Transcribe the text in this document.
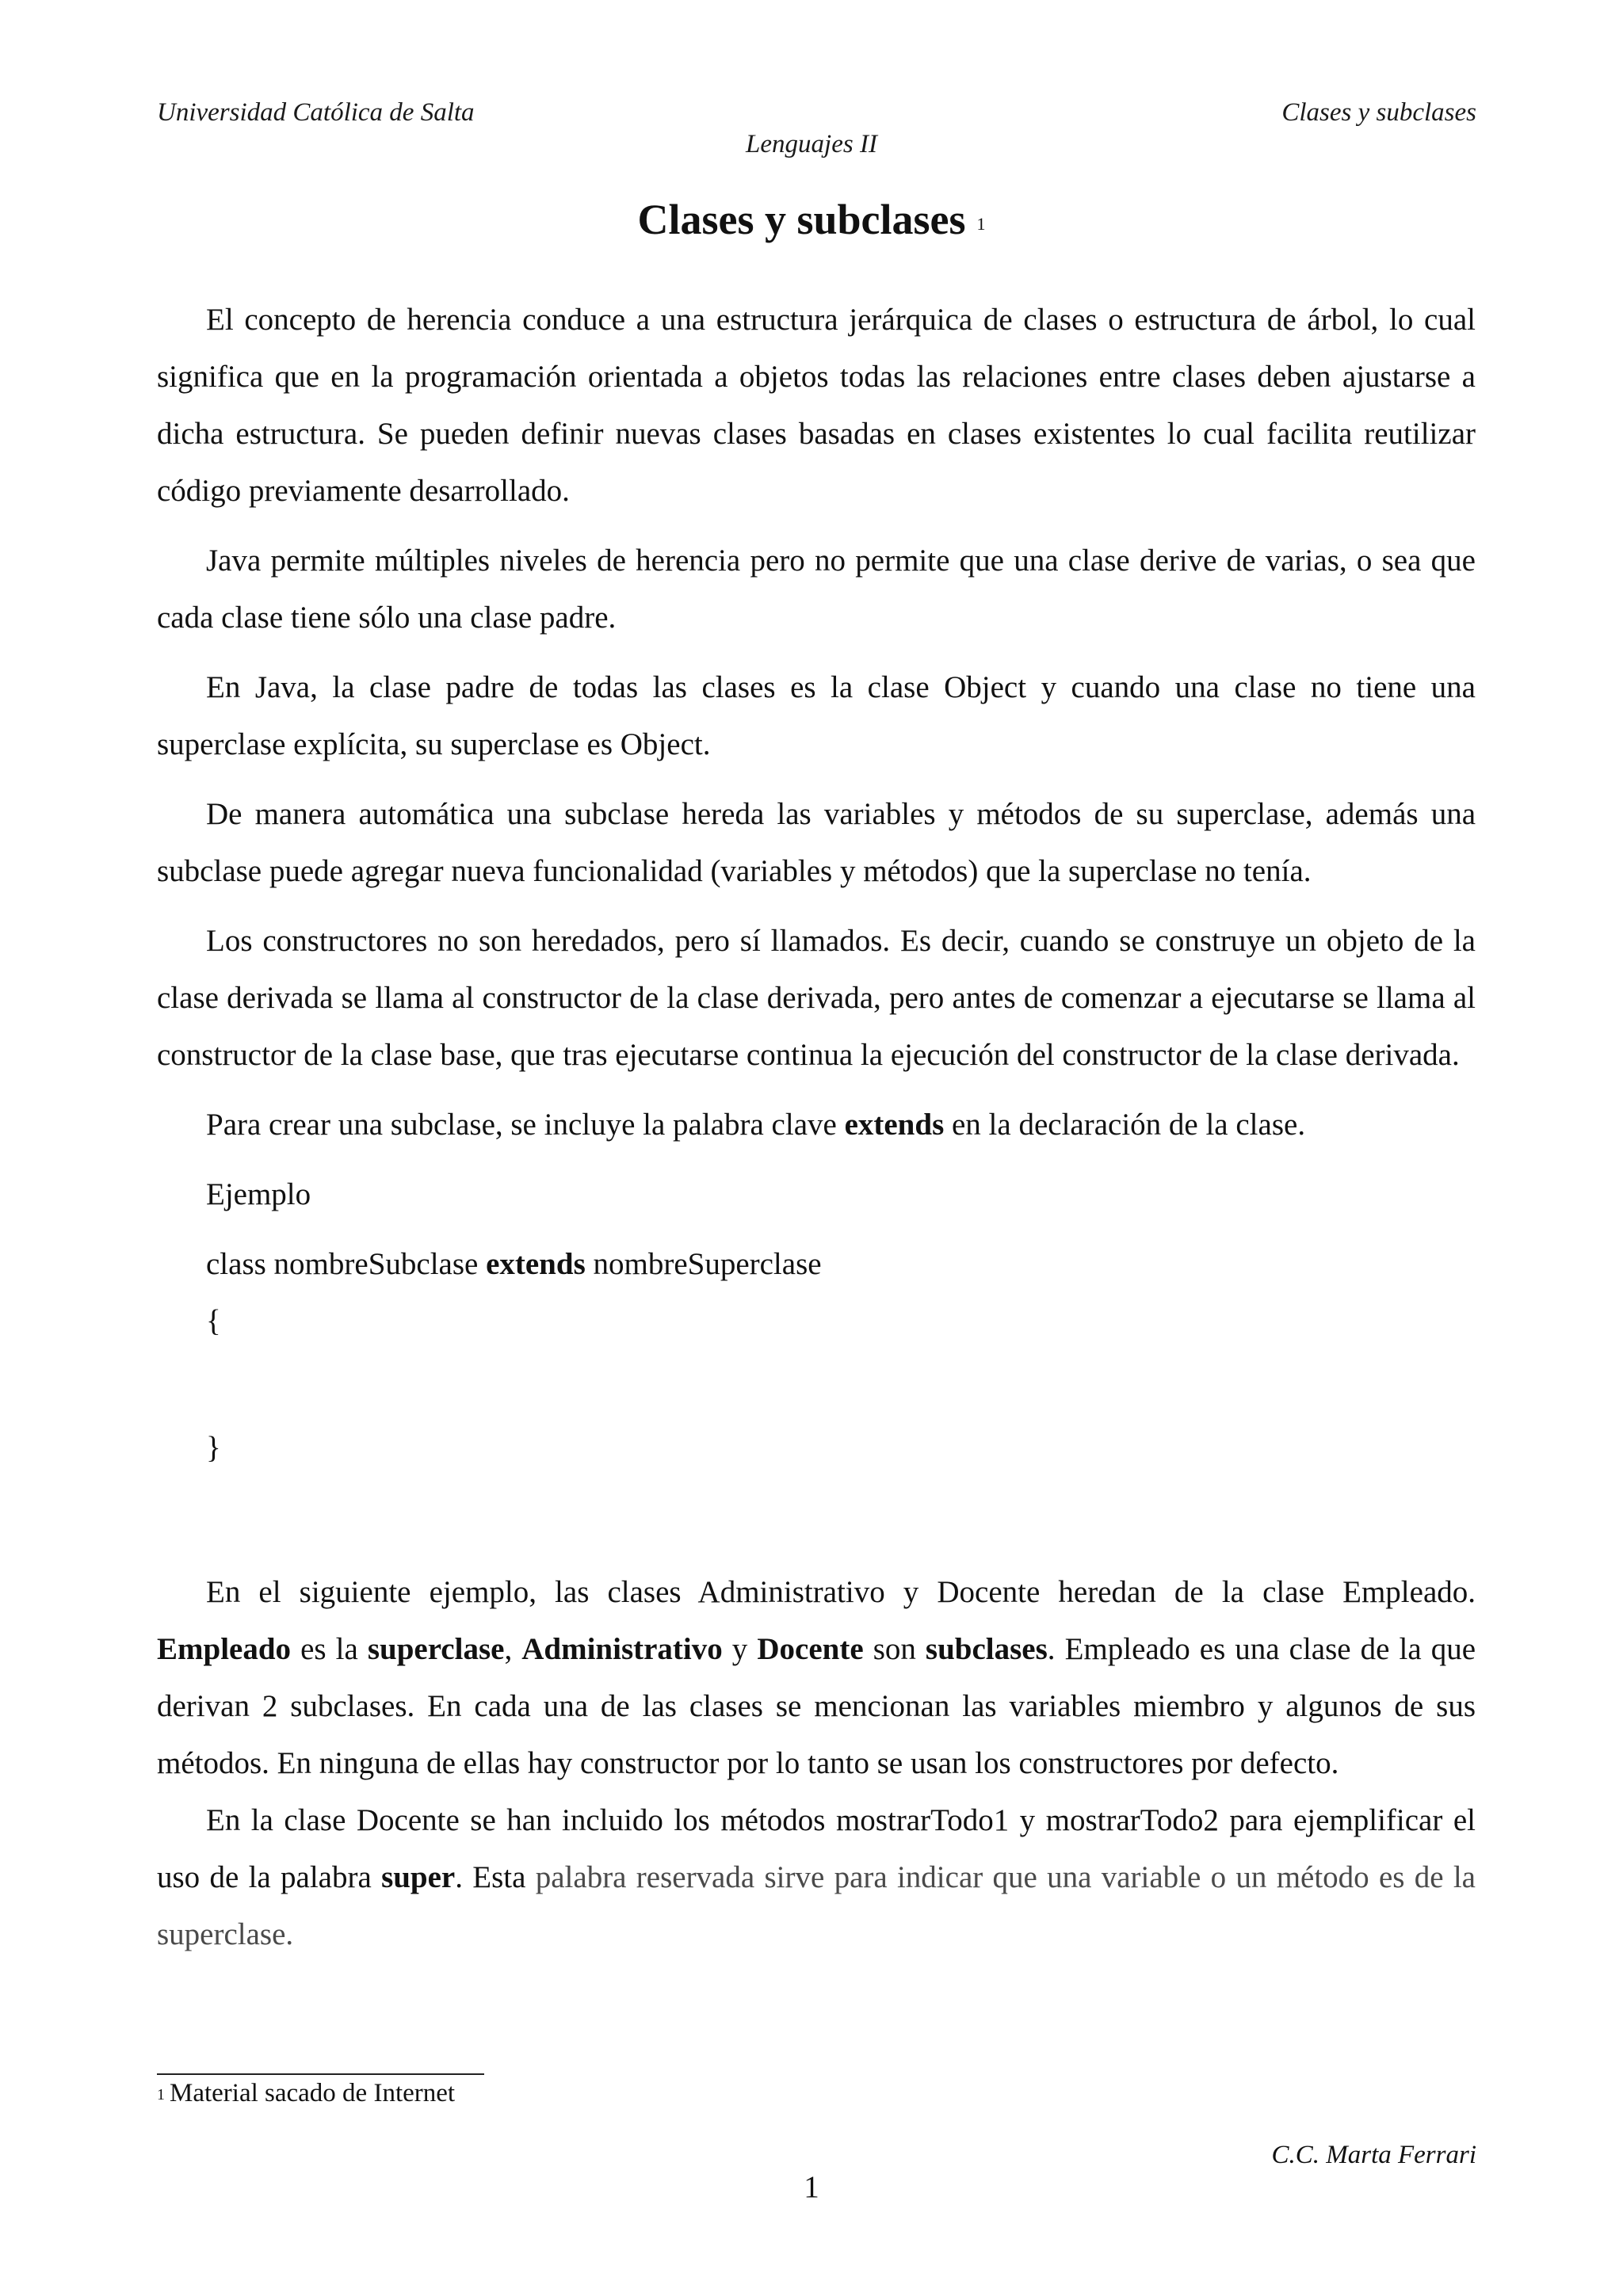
Universidad Católica de Salta	Clases y subclases
Lenguajes II
Clases y subclases $^1$

El concepto de herencia conduce a una estructura jerárquica de clases o estructura de árbol, lo cual significa que en la programación orientada a objetos todas las relaciones entre clases deben ajustarse a dicha estructura. Se pueden definir nuevas clases basadas en clases existentes lo cual facilita reutilizar código previamente desarrollado.

Java permite múltiples niveles de herencia pero no permite que una clase derive de varias, o sea que cada clase tiene sólo una clase padre.

En Java, la clase padre de todas las clases es la clase Object y cuando una clase no tiene una superclase explícita, su superclase es Object.

De manera automática una subclase hereda las variables y métodos de su superclase, además una subclase puede agregar nueva funcionalidad (variables y métodos) que la superclase no tenía.

Los constructores no son heredados, pero sí llamados. Es decir, cuando se construye un objeto de la clase derivada se llama al constructor de la clase derivada, pero antes de comenzar a ejecutarse se llama al constructor de la clase base, que tras ejecutarse continua la ejecución del constructor de la clase derivada.

Para crear una subclase, se incluye la palabra clave extends en la declaración de la clase.

Ejemplo
class nombreSubclase extends nombreSuperclase
{
}

En el siguiente ejemplo, las clases Administrativo y Docente heredan de la clase Empleado. Empleado es la superclase, Administrativo y Docente son subclases. Empleado es una clase de la que derivan 2 subclases. En cada una de las clases se mencionan las variables miembro y algunos de sus métodos. En ninguna de ellas hay constructor por lo tanto se usan los constructores por defecto.

En la clase Docente se han incluido los métodos mostrarTodo1 y mostrarTodo2 para ejemplificar el uso de la palabra super. Esta palabra reservada sirve para indicar que una variable o un método es de la superclase.

$^1$ Material sacado de Internet
C.C. Marta Ferrari
1
